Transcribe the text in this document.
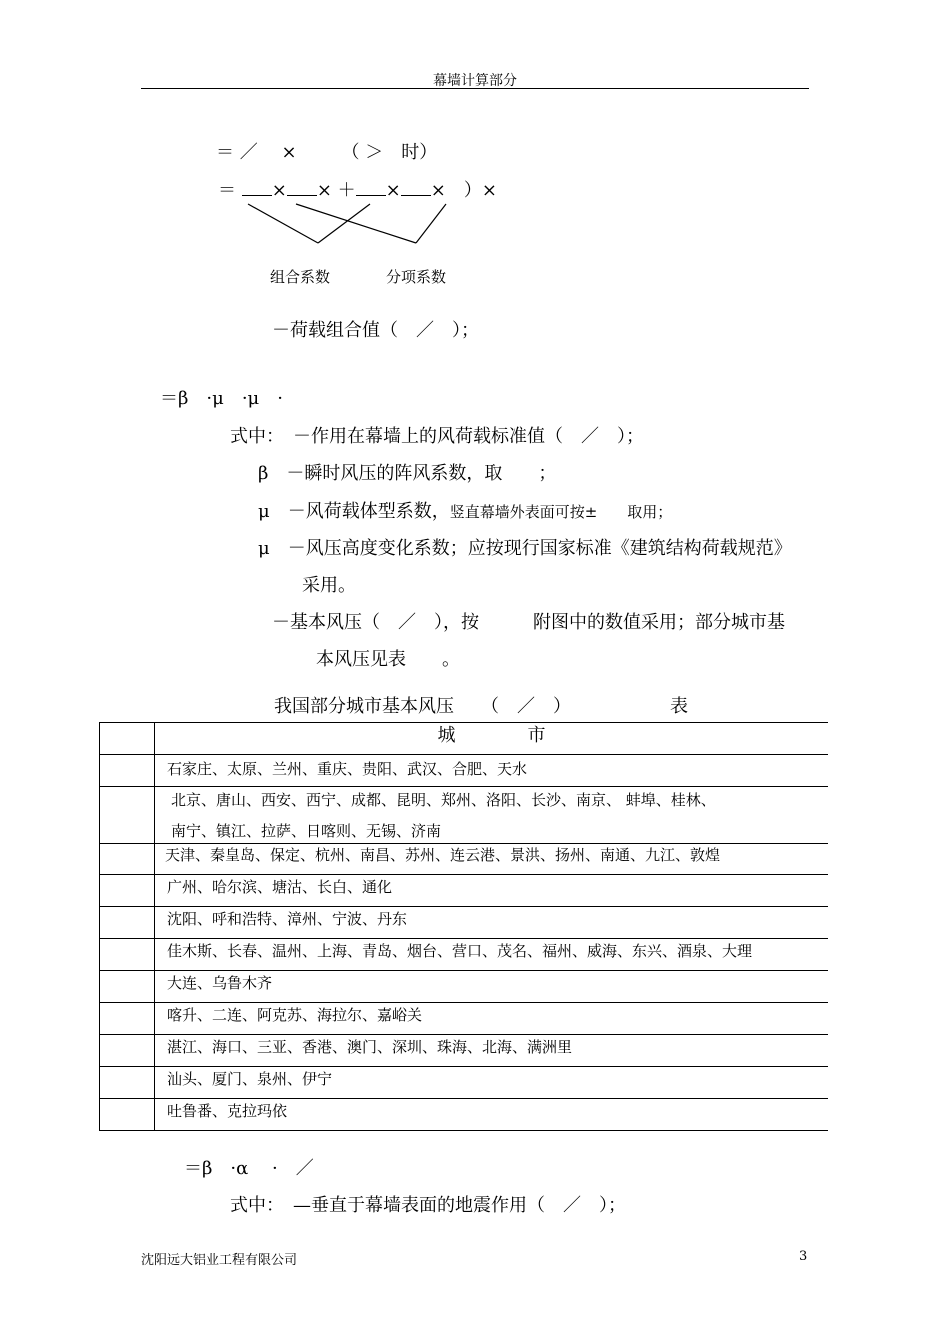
幕墙计算部分
＝ ／　 ×　　　（ ＞　时）
＝ × × ＋ × ×　）×
组合系数	分项系数
－荷载组合值（　／　）；
＝β　·μ　·μ　·
式中：　－作用在幕墙上的风荷载标准值（　／　）；
β　－瞬时风压的阵风系数，取　　；
μ　－风荷载体型系数，竖直幕墙外表面可按±　　取用；
μ　－风压高度变化系数；应按现行国家标准《建筑结构荷载规范》
采用。
－基本风压（　／　），按　　　附图中的数值采用；部分城市基
本风压见表　　。
我国部分城市基本风压　　（　／　）　　　　　　表
	城　　　　市
	石家庄、太原、兰州、重庆、贵阳、武汉、合肥、天水

	北京、唐山、西安、西宁、成都、昆明、郑州、洛阳、长沙、南京、 蚌埠、桂林、
南宁、镇江、拉萨、日喀则、无锡、济南

	天津、秦皇岛、保定、杭州、南昌、苏州、连云港、景洪、扬州、南通、九江、敦煌
	广州、哈尔滨、塘沽、长白、通化
	沈阳、呼和浩特、漳州、宁波、丹东
	佳木斯、长春、温州、上海、青岛、烟台、营口、茂名、福州、威海、东兴、酒泉、大理
	大连、乌鲁木齐
	喀升、二连、阿克苏、海拉尔、嘉峪关
	湛江、海口、三亚、香港、澳门、深圳、珠海、北海、满洲里
	汕头、厦门、泉州、伊宁
	吐鲁番、克拉玛依
＝β　·α　 ·　／
式中：　—垂直于幕墙表面的地震作用（　／　）；
沈阳远大铝业工程有限公司	3
